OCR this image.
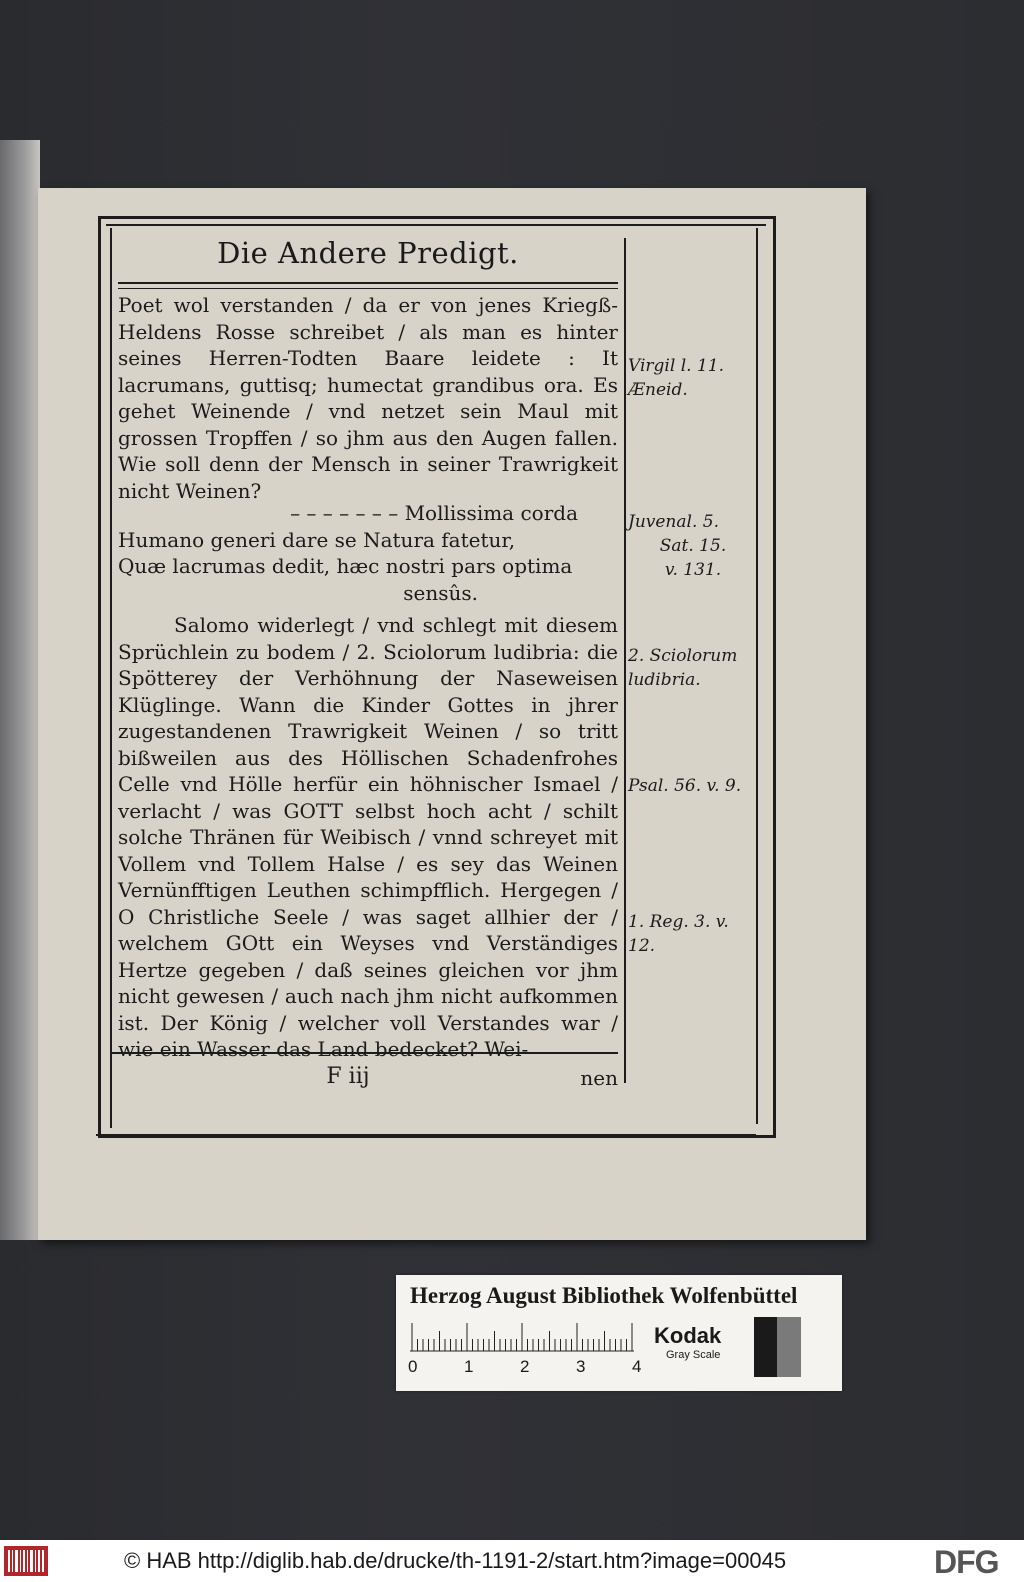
Die Andere Predigt.
Poet wol verstanden / da er von jenes Kriegß-Heldens Rosse schreibet / als man es hinter seines Herren-Todten Baare leidete : It lacrumans, guttisq; humectat grandibus ora. Es gehet Weinende / vnd netzet sein Maul mit grossen Tropffen / so jhm aus den Augen fallen. Wie soll denn der Mensch in seiner Trawrigkeit nicht Weinen?
– – – – – – – Mollissima corda
Humano generi dare se Natura fatetur,
Quæ lacrumas dedit, hæc nostri pars optima
sensûs.
Salomo widerlegt / vnd schlegt mit diesem Sprüchlein zu bodem / 2. Sciolorum ludibria: die Spötterey der Verhöhnung der Naseweisen Klüglinge. Wann die Kinder Gottes in jhrer zugestandenen Trawrigkeit Weinen / so tritt bißweilen aus des Höllischen Schadenfrohes Celle vnd Hölle herfür ein höhnischer Ismael / verlacht / was GOTT selbst hoch acht / schilt solche Thränen für Weibisch / vnnd schreyet mit Vollem vnd Tollem Halse / es sey das Weinen Vernünfftigen Leuthen schimpfflich. Hergegen / O Christliche Seele / was saget allhier der / welchem GOtt ein Weyses vnd Verständiges Hertze gegeben / daß seines gleichen vor jhm nicht gewesen / auch nach jhm nicht aufkommen ist. Der König / welcher voll Verstandes war / wie ein Wasser das Land bedecket? Wei-
F iij	nen
Virgil l. 11.
Æneid.
Juvenal. 5.
Sat. 15.
v. 131.
2. Sciolorum
ludibria.
Psal. 56. v. 9.
1. Reg. 3. v. 12.
Herzog August Bibliothek Wolfenbüttel
0	1	2	3	4
Kodak
Gray Scale
© HAB http://diglib.hab.de/drucke/th-1191-2/start.htm?image=00045	DFG
